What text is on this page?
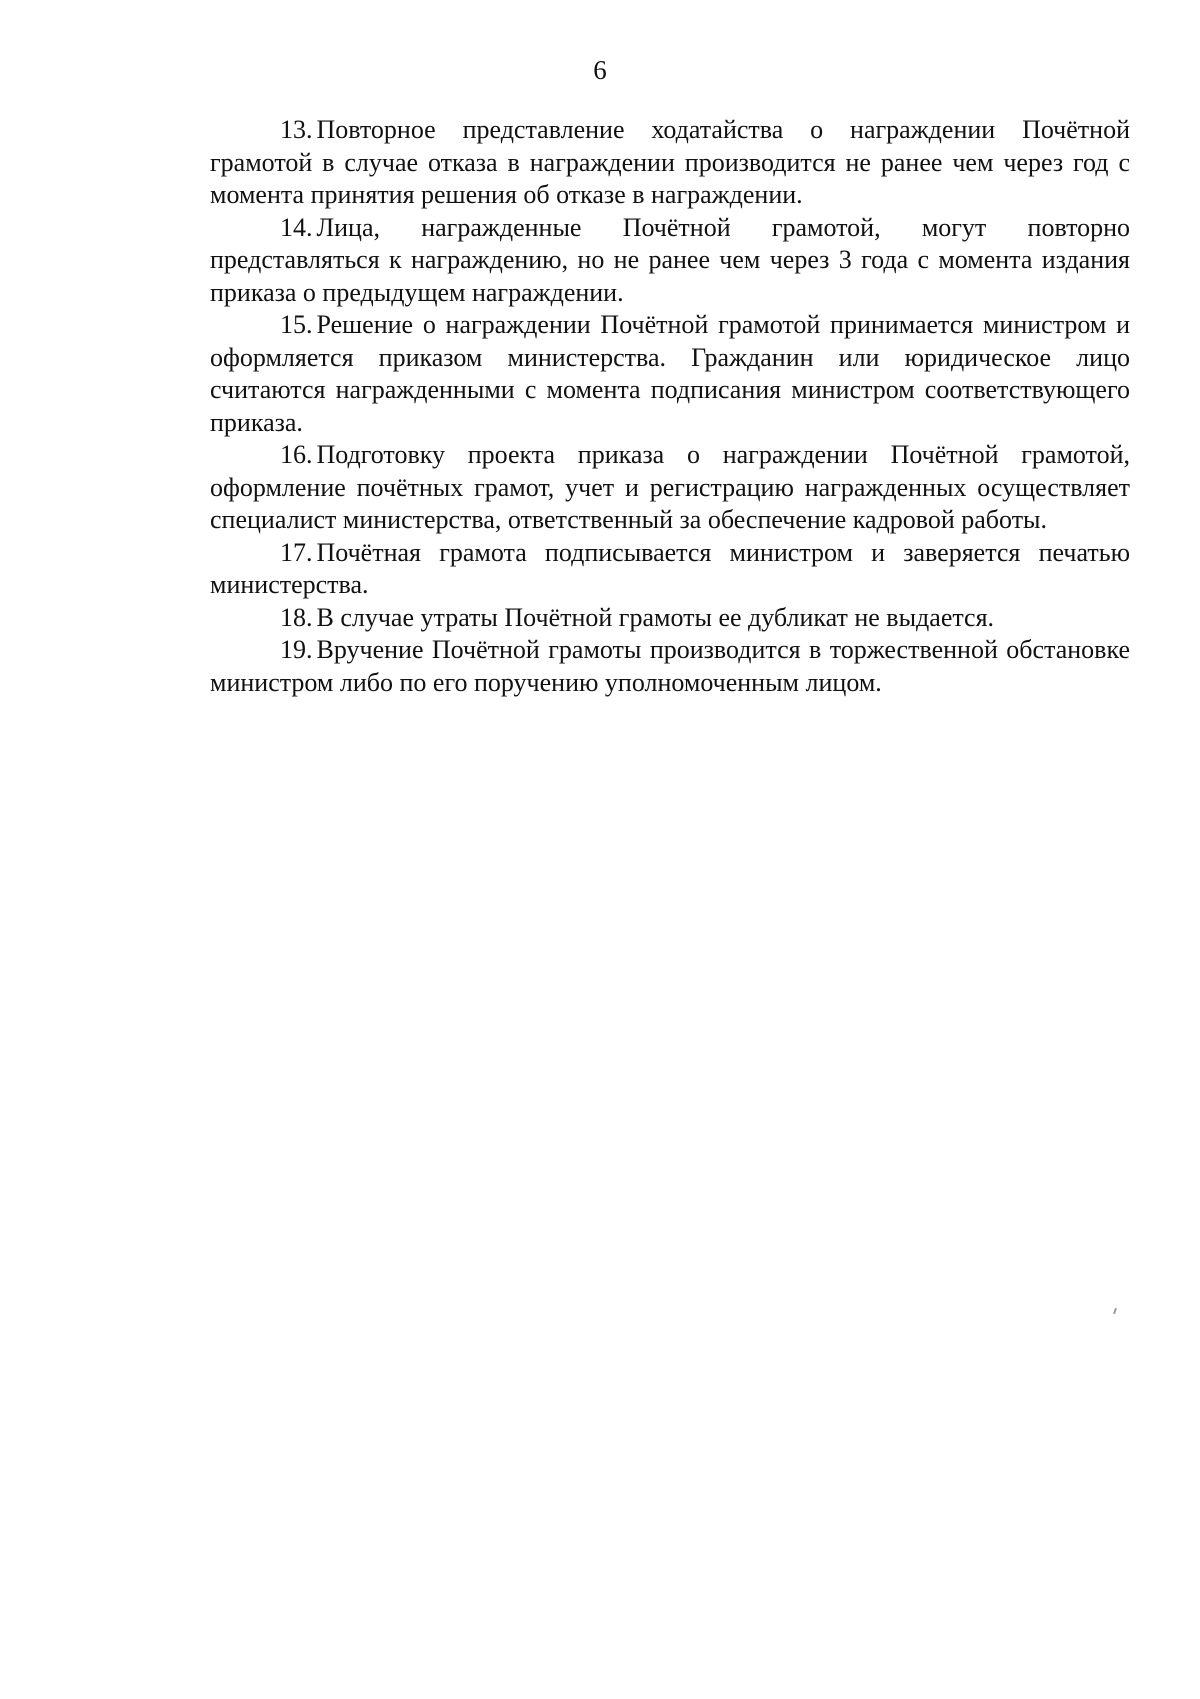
6

13. Повторное представление ходатайства о награждении Почётной грамотой в случае отказа в награждении производится не ранее чем через год с момента принятия решения об отказе в награждении.

14. Лица, награжденные Почётной грамотой, могут повторно представляться к награждению, но не ранее чем через 3 года с момента издания приказа о предыдущем награждении.

15. Решение о награждении Почётной грамотой принимается министром и оформляется приказом министерства. Гражданин или юридическое лицо считаются награжденными с момента подписания министром соответствующего приказа.

16. Подготовку проекта приказа о награждении Почётной грамотой, оформление почётных грамот, учет и регистрацию награжденных осуществляет специалист министерства, ответственный за обеспечение кадровой работы.

17. Почётная грамота подписывается министром и заверяется печатью министерства.

18. В случае утраты Почётной грамоты ее дубликат не выдается.

19. Вручение Почётной грамоты производится в торжественной обстановке министром либо по его поручению уполномоченным лицом.
